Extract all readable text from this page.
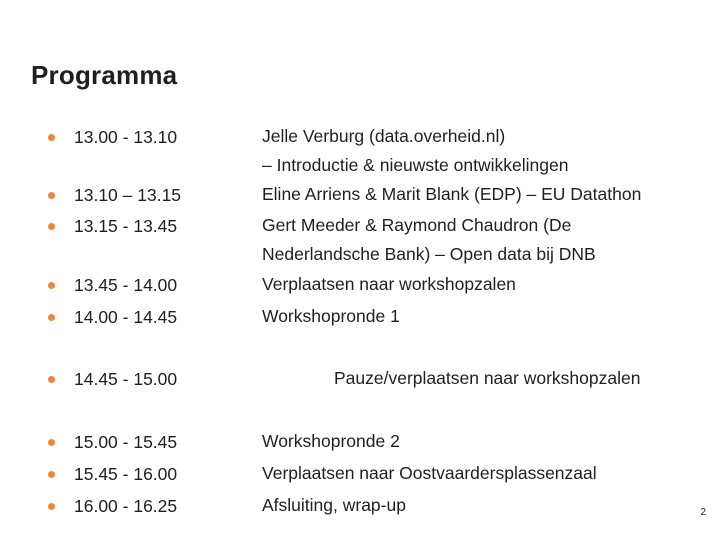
Programma
13.00 - 13.10	Jelle Verburg (data.overheid.nl)
– Introductie & nieuwste ontwikkelingen
13.10 – 13.15	Eline Arriens & Marit Blank (EDP) – EU Datathon
13.15 - 13.45	Gert Meeder & Raymond Chaudron (De
Nederlandsche Bank) – Open data bij DNB
13.45 - 14.00	Verplaatsen naar workshopzalen
14.00 - 14.45	Workshopronde 1
14.45 - 15.00	Pauze/verplaatsen naar workshopzalen
15.00 - 15.45	Workshopronde 2
15.45 - 16.00	Verplaatsen naar Oostvaardersplassenzaal
16.00 - 16.25	Afsluiting, wrap-up	2
